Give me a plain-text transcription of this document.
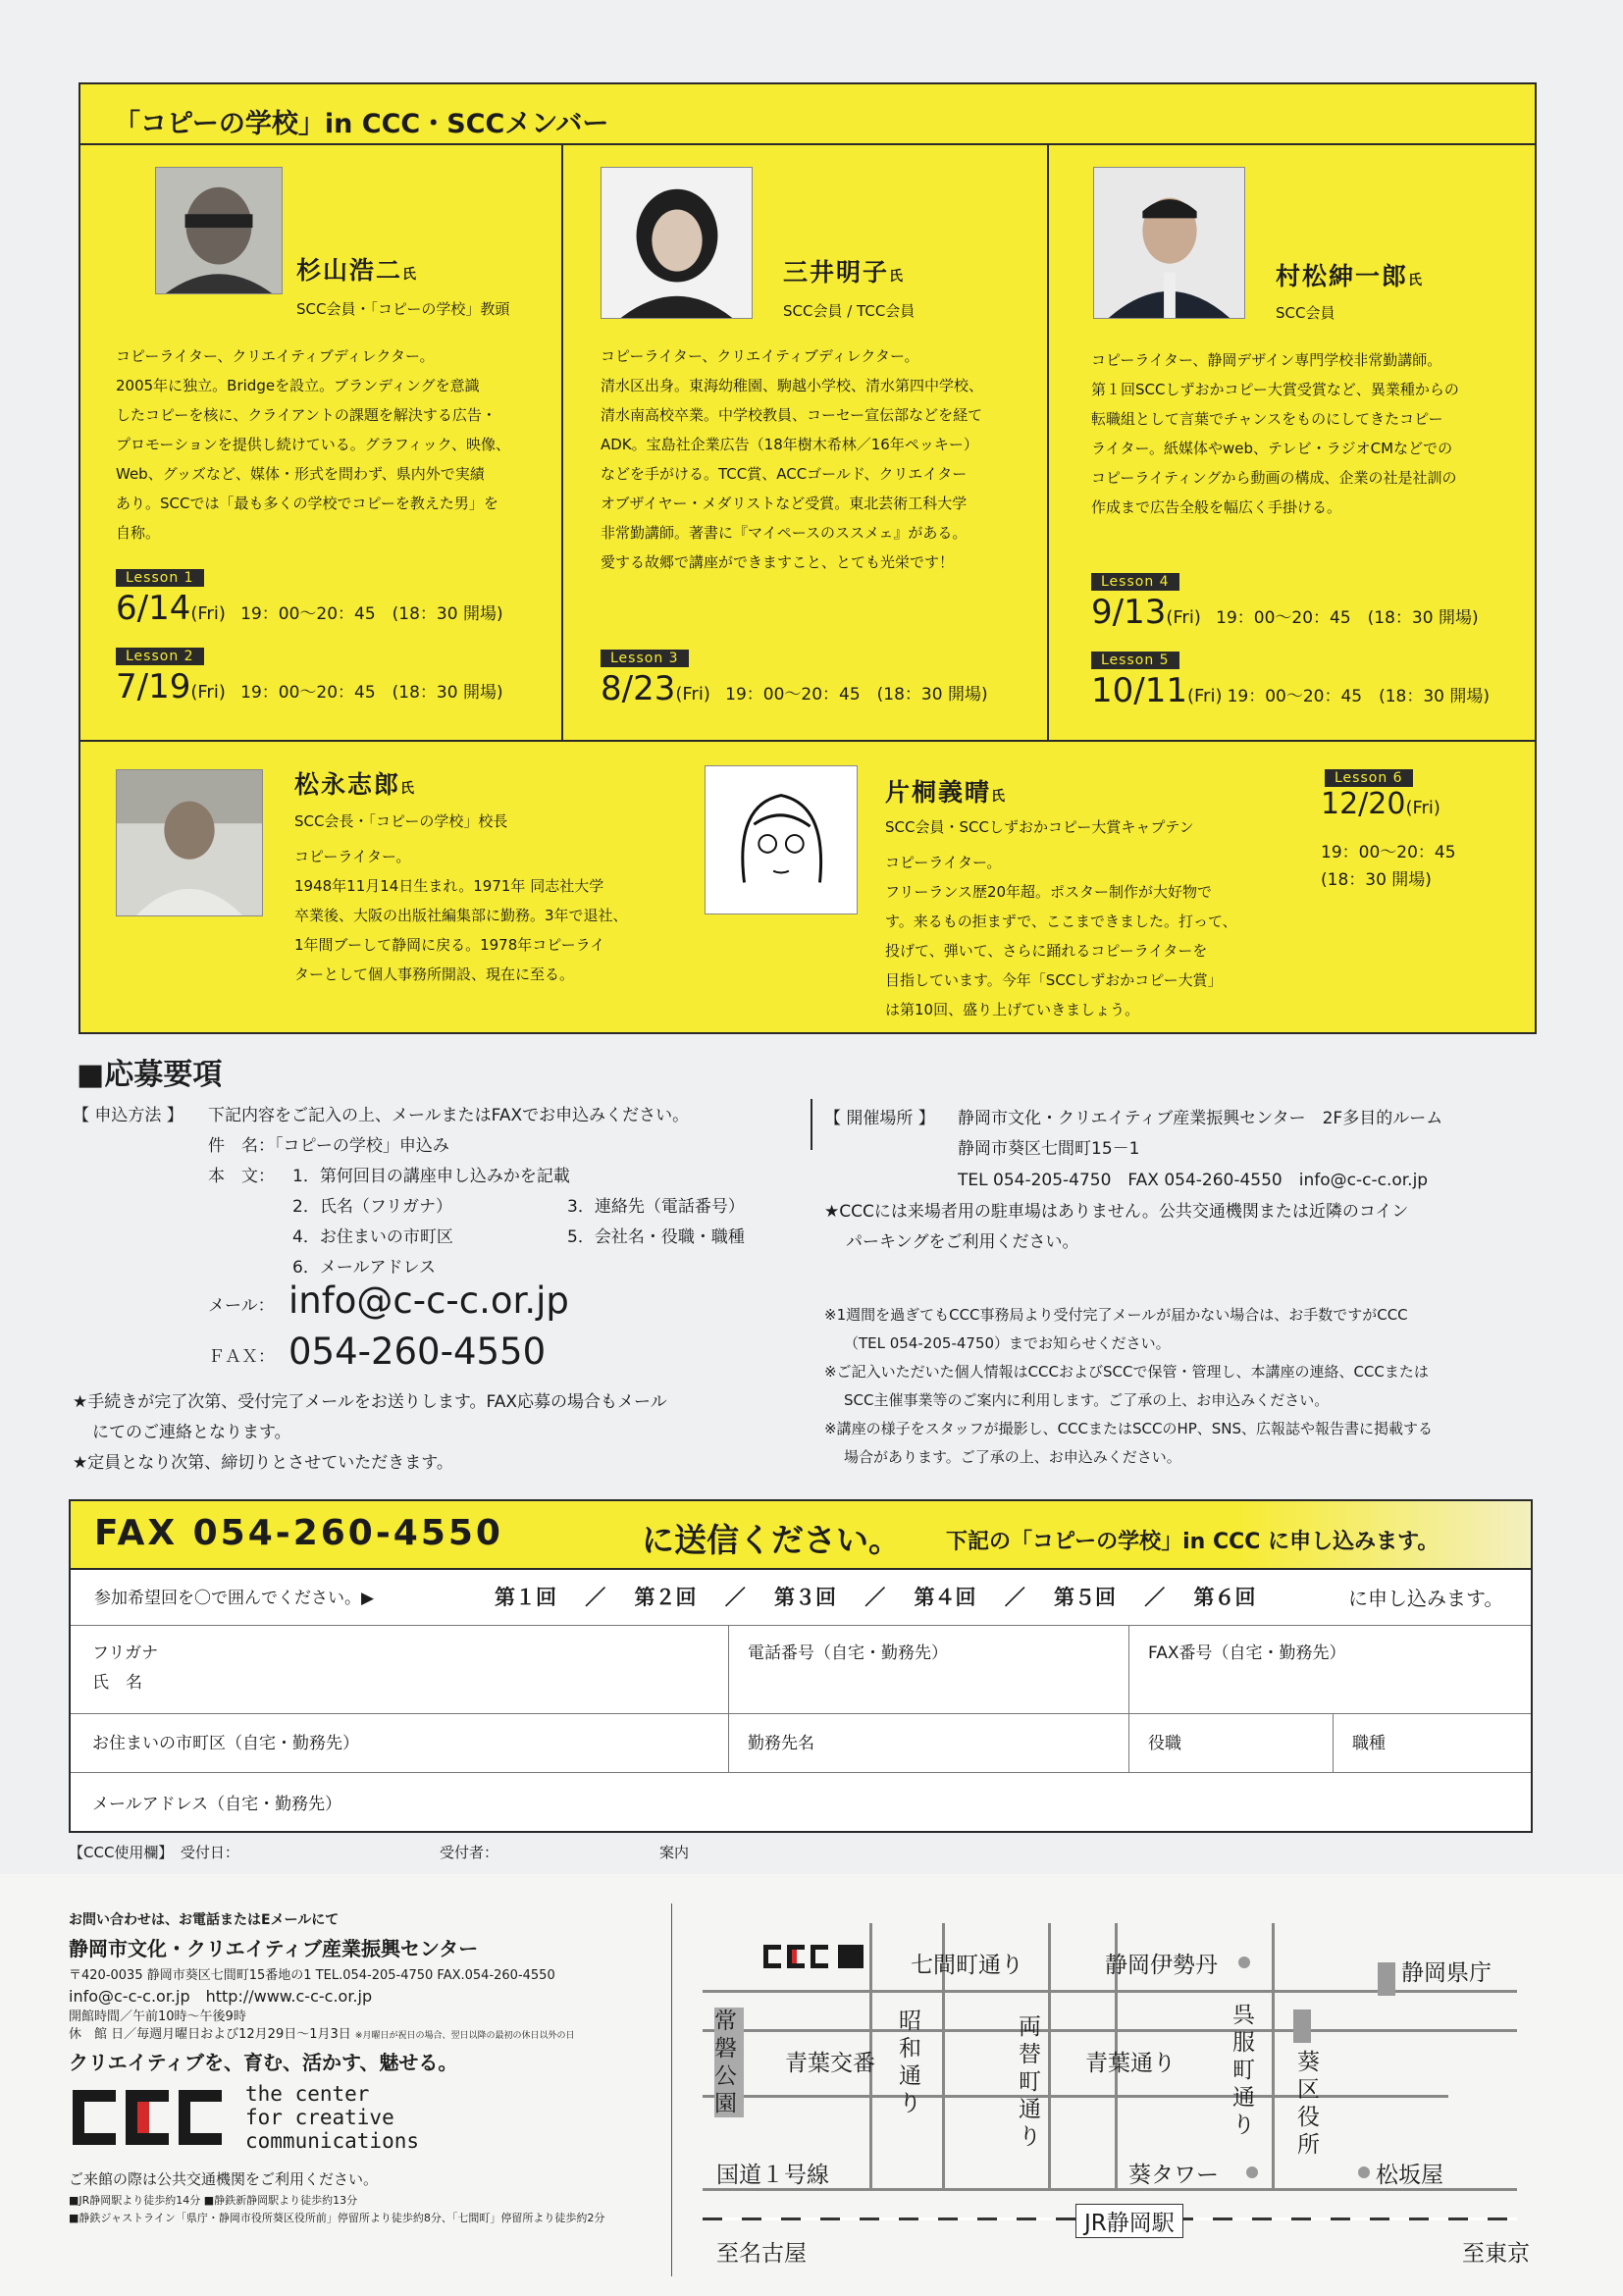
「コピーの学校」in CCC・SCCメンバー
杉山浩二氏
SCC会員・「コピーの学校」教頭
コピーライター、クリエイティブディレクター。
2005年に独立。Bridgeを設立。ブランディングを意識
したコピーを核に、クライアントの課題を解決する広告・
プロモーションを提供し続けている。グラフィック、映像、
Web、グッズなど、媒体・形式を問わず、県内外で実績
あり。SCCでは「最も多くの学校でコピーを教えた男」を
自称。
Lesson 1
6/14(Fri) 19：00～20：45　(18：30 開場)
Lesson 2
7/19(Fri) 19：00～20：45　(18：30 開場)
三井明子氏
SCC会員 / TCC会員
コピーライター、クリエイティブディレクター。
清水区出身。東海幼稚園、駒越小学校、清水第四中学校、
清水南高校卒業。中学校教員、コーセー宣伝部などを経て
ADK。宝島社企業広告（18年樹木希林／16年ペッキー）
などを手がける。TCC賞、ACCゴールド、クリエイター
オブザイヤー・メダリストなど受賞。東北芸術工科大学
非常勤講師。著書に『マイペースのススメェ』がある。
愛する故郷で講座ができますこと、とても光栄です！
Lesson 3
8/23(Fri) 19：00～20：45　(18：30 開場)
村松紳一郎氏
SCC会員
コピーライター、静岡デザイン専門学校非常勤講師。
第１回SCCしずおかコピー大賞受賞など、異業種からの
転職組として言葉でチャンスをものにしてきたコピー
ライター。紙媒体やweb、テレビ・ラジオCMなどでの
コピーライティングから動画の構成、企業の社是社訓の
作成まで広告全般を幅広く手掛ける。
Lesson 4
9/13(Fri) 19：00～20：45　(18：30 開場)
Lesson 5
10/11(Fri) 19：00～20：45　(18：30 開場)
松永志郎氏
SCC会長・「コピーの学校」校長
コピーライター。
1948年11月14日生まれ。1971年 同志社大学
卒業後、大阪の出版社編集部に勤務。3年で退社、
1年間ブーして静岡に戻る。1978年コピーライ
ターとして個人事務所開設、現在に至る。
片桐義晴氏
SCC会員・SCCしずおかコピー大賞キャプテン
コピーライター。
フリーランス歴20年超。ポスター制作が大好物で
す。来るもの拒まずで、ここまできました。打って、
投げて、弾いて、さらに踊れるコピーライターを
目指しています。今年「SCCしずおかコピー大賞」
は第10回、盛り上げていきましょう。
Lesson 6
12/20(Fri)
19：00～20：45
(18：30 開場)
■応募要項
【 申込方法 】 下記内容をご記入の上、メールまたはFAXでお申込みください。
件　名：「コピーの学校」申込み
本　文： 1．第何回目の講座申し込みかを記載
2．氏名（フリガナ）	3．連絡先（電話番号）
4．お住まいの市町区	5．会社名・役職・職種
6．メールアドレス
メール： info@c-c-c.or.jp
ＦＡＸ： 054-260-4550
★手続きが完了次第、受付完了メールをお送りします。FAX応募の場合もメール
にてのご連絡となります。
★定員となり次第、締切りとさせていただきます。
【 開催場所 】 静岡市文化・クリエイティブ産業振興センター　2F多目的ルーム
静岡市葵区七間町15－1
TEL 054-205-4750　FAX 054-260-4550　info@c-c-c.or.jp
★CCCには来場者用の駐車場はありません。公共交通機関または近隣のコイン
パーキングをご利用ください。
※1週間を過ぎてもCCC事務局より受付完了メールが届かない場合は、お手数ですがCCC
（TEL 054-205-4750）までお知らせください。
※ご記入いただいた個人情報はCCCおよびSCCで保管・管理し、本講座の連絡、CCCまたは
SCC主催事業等のご案内に利用します。ご了承の上、お申込みください。
※講座の様子をスタッフが撮影し、CCCまたはSCCのHP、SNS、広報誌や報告書に掲載する
場合があります。ご了承の上、お申込みください。
FAX 054-260-4550	に送信ください。 下記の「コピーの学校」in CCC に申し込みます。
参加希望回を〇で囲んでください。▶	第１回 ／ 第２回 ／ 第３回 ／ 第４回 ／ 第５回 ／ 第６回	に申し込みます。
フリガナ
氏　名
電話番号（自宅・勤務先）	FAX番号（自宅・勤務先）
お住まいの市町区（自宅・勤務先）	勤務先名	役職	職種
メールアドレス（自宅・勤務先）
【CCC使用欄】　受付日：	受付者：	案内
お問い合わせは、お電話またはEメールにて
静岡市文化・クリエイティブ産業振興センター
〒420-0035 静岡市葵区七間町15番地の1 TEL.054-205-4750 FAX.054-260-4550
info@c-c-c.or.jp　http://www.c-c-c.or.jp
開館時間／午前10時～午後9時
休　館 日／毎週月曜日および12月29日～1月3日 ※月曜日が祝日の場合、翌日以降の最初の休日以外の日
クリエイティブを、育む、活かす、魅せる。
the center
for creative
communications
ご来館の際は公共交通機関をご利用ください。
■JR静岡駅より徒歩約14分 ■静鉄新静岡駅より徒歩約13分
■静鉄ジャストライン「県庁・静岡市役所葵区役所前」停留所より徒歩約8分、「七間町」停留所より徒歩約2分
七間町通り	静岡伊勢丹	静岡県庁
常磐公園
青葉交番
昭和通り
両替町通り
青葉通り
呉服町通り
葵区役所
国道１号線	葵タワー	松坂屋
JR静岡駅
至名古屋	至東京
